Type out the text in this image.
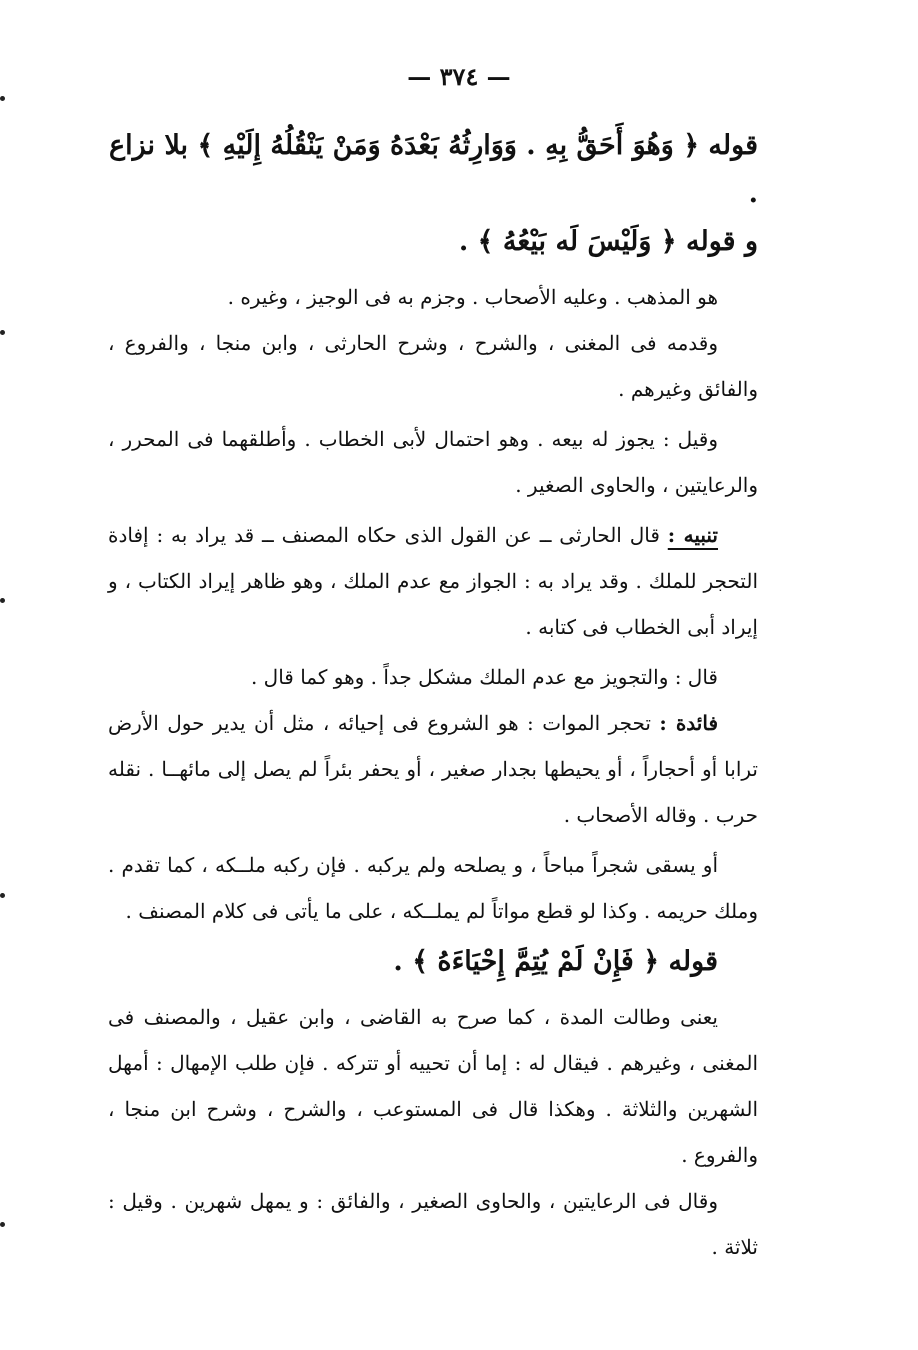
— ٣٧٤ —

قوله ﴿ وَهُوَ أَحَقُّ بِهِ . وَوَارِثُهُ بَعْدَهُ وَمَنْ يَنْقُلُهُ إِلَيْهِ ﴾ بلا نزاع .

و قوله ﴿ وَلَيْسَ لَه بَيْعُهُ ﴾ .

هو المذهب . وعليه الأصحاب . وجزم به فى الوجيز ، وغيره .

وقدمه فى المغنى ، والشرح ، وشرح الحارثى ، وابن منجا ، والفروع ، والفائق وغيرهم .

وقيل : يجوز له بيعه . وهو احتمال لأبى الخطاب . وأطلقهما فى المحرر ، والرعايتين ، والحاوى الصغير .

تنبيه : قال الحارثى ــ عن القول الذى حكاه المصنف ــ قد يراد به : إفادة التحجر للملك . وقد يراد به : الجواز مع عدم الملك ، وهو ظاهر إيراد الكتاب ، و إيراد أبى الخطاب فى كتابه .

قال : والتجويز مع عدم الملك مشكل جداً . وهو كما قال .

فائدة : تحجر الموات : هو الشروع فى إحيائه ، مثل أن يدير حول الأرض ترابا أو أحجاراً ، أو يحيطها بجدار صغير ، أو يحفر بئراً لم يصل إلى مائهــا . نقله حرب . وقاله الأصحاب .

أو يسقى شجراً مباحاً ، و يصلحه ولم يركبه . فإن ركبه ملــكه ، كما تقدم . وملك حريمه . وكذا لو قطع مواتاً لم يملــكه ، على ما يأتى فى كلام المصنف .

قوله ﴿ فَإِنْ لَمْ يُتِمَّ إِحْيَاءَهُ ﴾ .

يعنى وطالت المدة ، كما صرح به القاضى ، وابن عقيل ، والمصنف فى المغنى ، وغيرهم . فيقال له : إما أن تحييه أو تتركه . فإن طلب الإمهال : أمهل الشهرين والثلاثة . وهكذا قال فى المستوعب ، والشرح ، وشرح ابن منجا ، والفروع .

وقال فى الرعايتين ، والحاوى الصغير ، والفائق : و يمهل شهرين . وقيل : ثلاثة .
